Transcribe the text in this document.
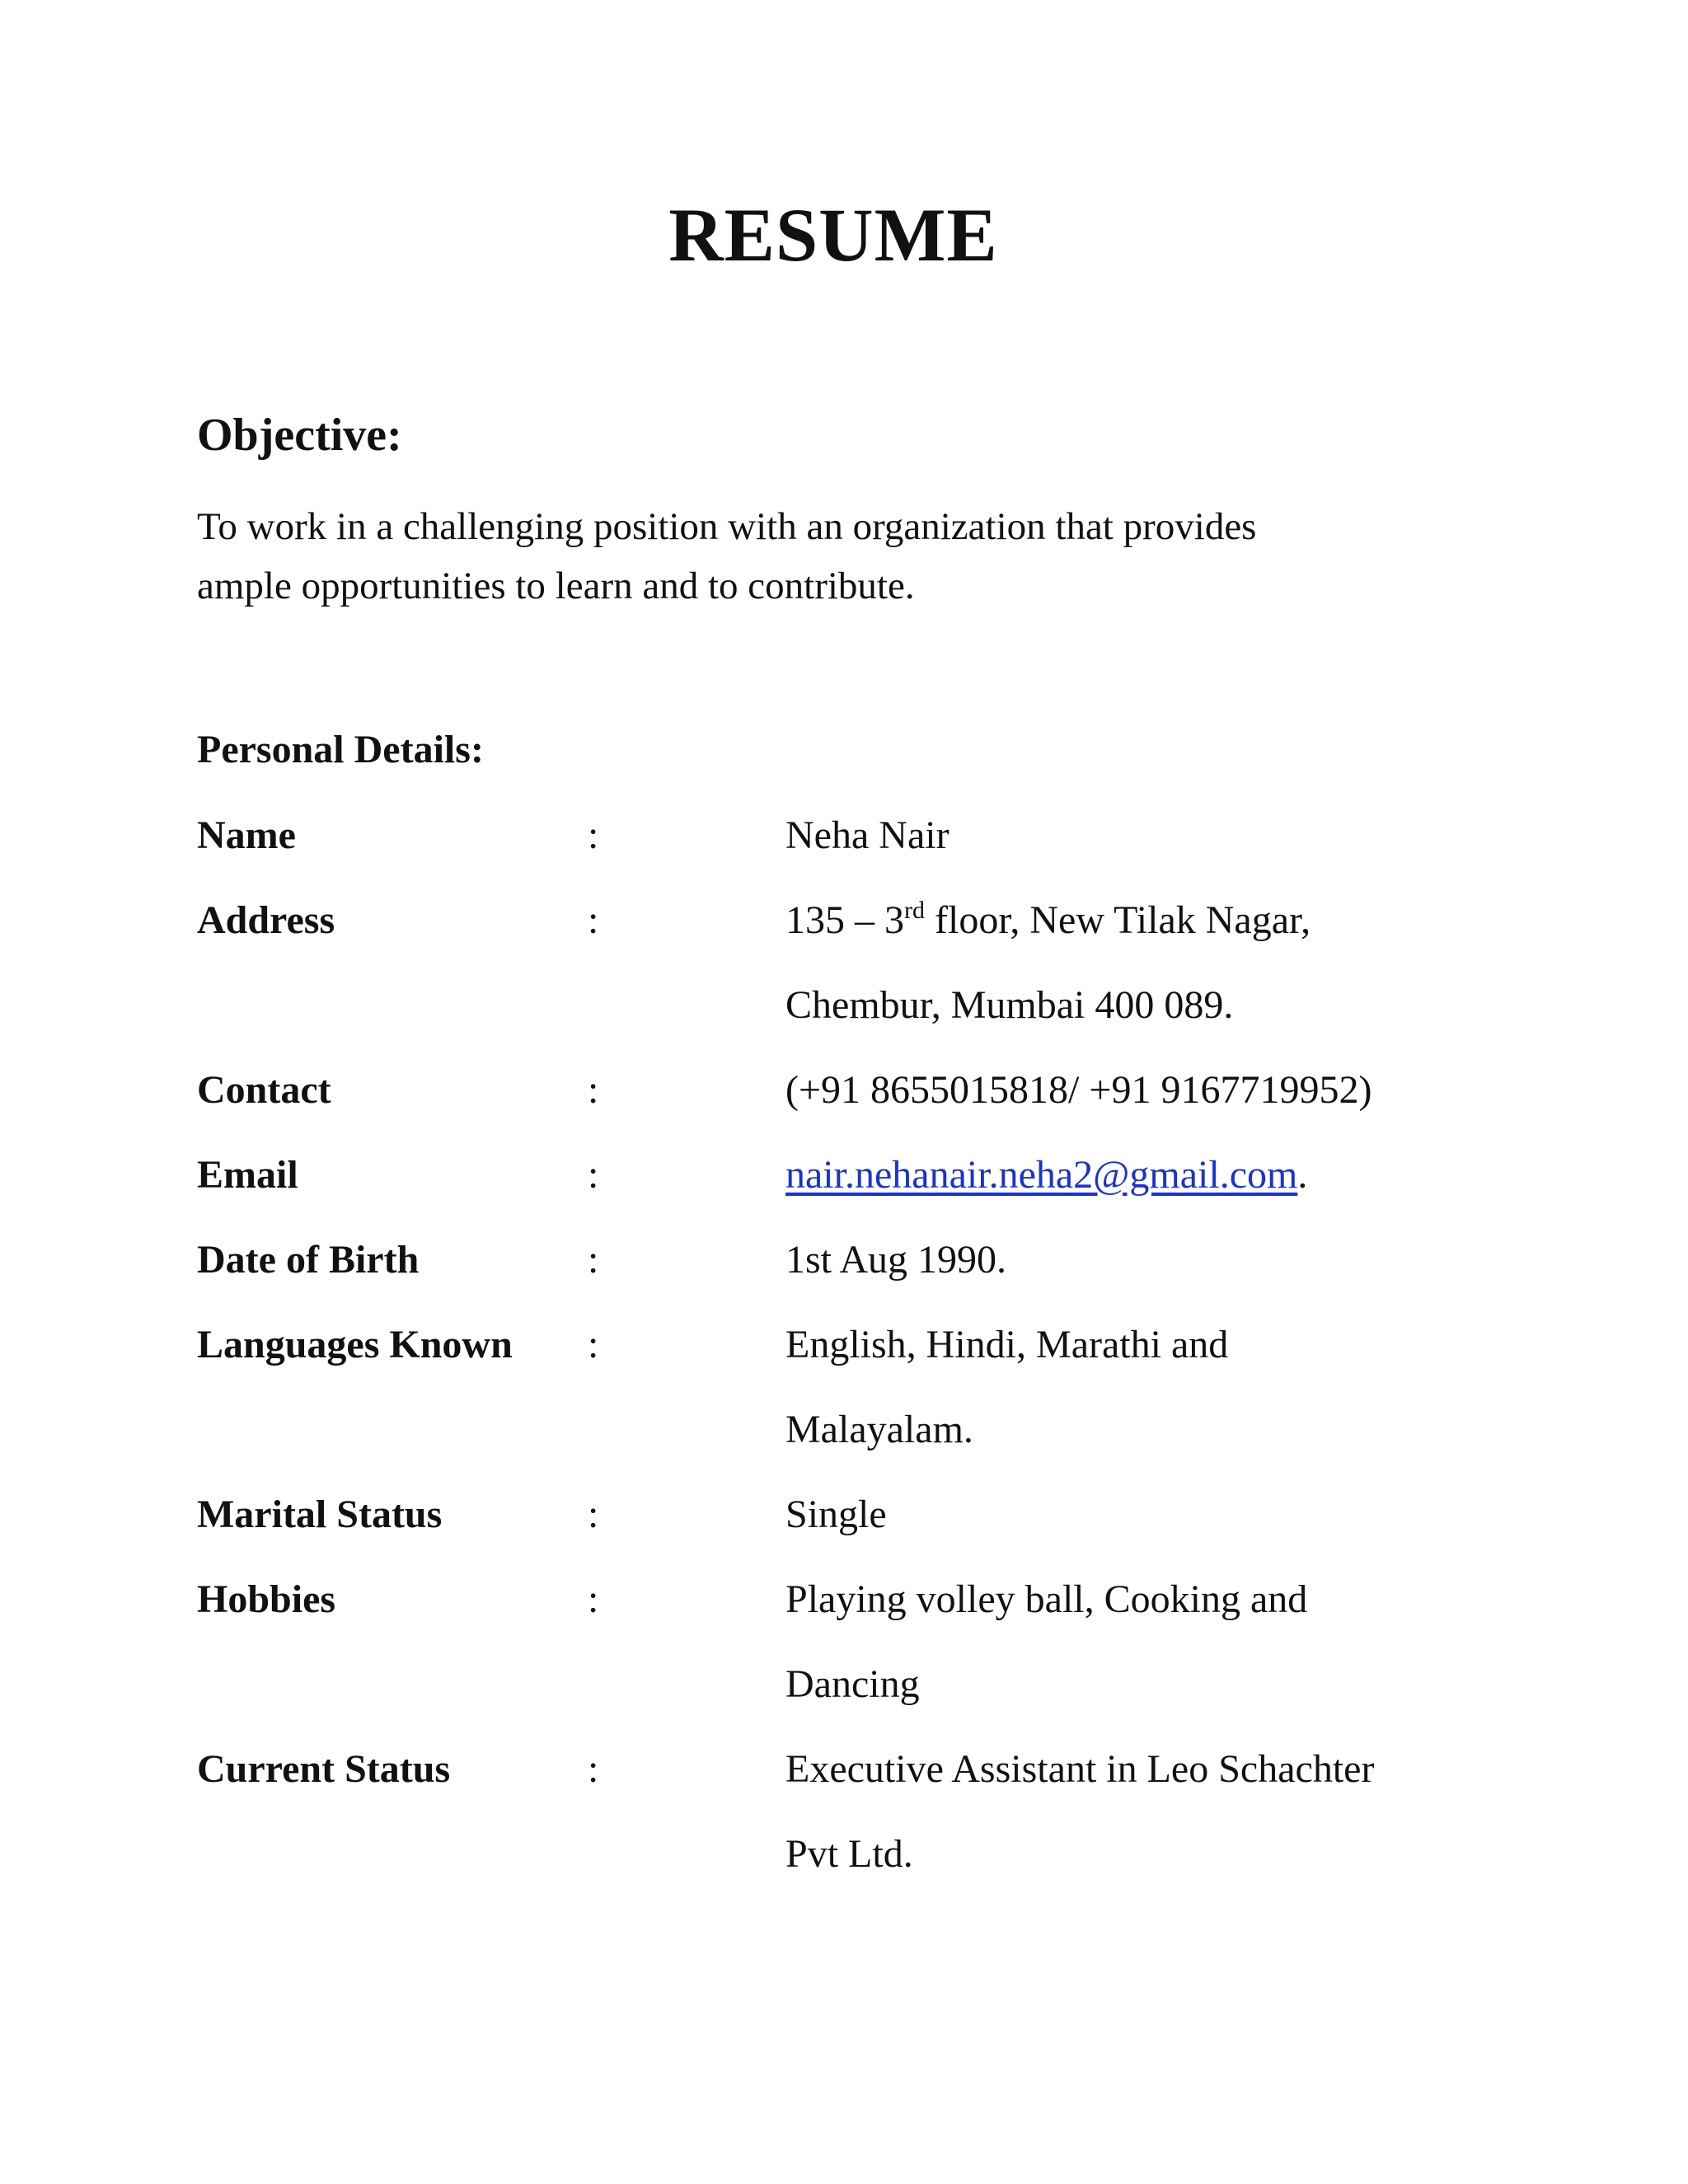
RESUME
Objective:
To work in a challenging position with an organization that provides
ample opportunities to learn and to contribute.
Personal Details:
Name	:	Neha Nair
Address	:	135 – 3rd floor, New Tilak Nagar,
Chembur, Mumbai 400 089.
Contact	:	(+91 8655015818/ +91 9167719952)
Email	:	nair.nehanair.neha2@gmail.com.
Date of Birth	:	1st Aug 1990.
Languages Known :	English, Hindi, Marathi and
Malayalam.
Marital Status	:	Single
Hobbies	:	Playing volley ball, Cooking and
Dancing
Current Status	:	Executive Assistant in Leo Schachter
Pvt Ltd.
